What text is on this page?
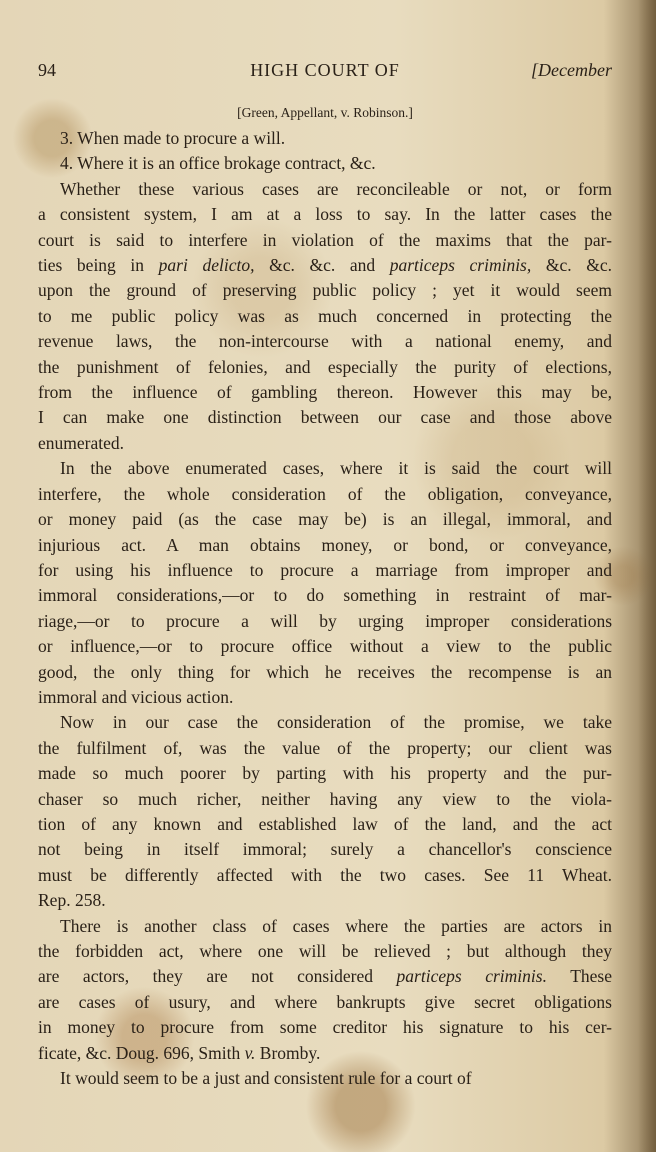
94	HIGH COURT OF	[December
[Green, Appellant, v. Robinson.]
3. When made to procure a will.
4. Where it is an office brokage contract, &c.
Whether these various cases are reconcileable or not, or form
a consistent system, I am at a loss to say. In the latter cases the
court is said to interfere in violation of the maxims that the par-
ties being in pari delicto, &c. &c. and particeps criminis, &c. &c.
upon the ground of preserving public policy ; yet it would seem
to me public policy was as much concerned in protecting the
revenue laws, the non-intercourse with a national enemy, and
the punishment of felonies, and especially the purity of elections,
from the influence of gambling thereon. However this may be,
I can make one distinction between our case and those above
enumerated.
In the above enumerated cases, where it is said the court will
interfere, the whole consideration of the obligation, conveyance,
or money paid (as the case may be) is an illegal, immoral, and
injurious act. A man obtains money, or bond, or conveyance,
for using his influence to procure a marriage from improper and
immoral considerations,—or to do something in restraint of mar-
riage,—or to procure a will by urging improper considerations
or influence,—or to procure office without a view to the public
good, the only thing for which he receives the recompense is an
immoral and vicious action.
Now in our case the consideration of the promise, we take
the fulfilment of, was the value of the property; our client was
made so much poorer by parting with his property and the pur-
chaser so much richer, neither having any view to the viola-
tion of any known and established law of the land, and the act
not being in itself immoral; surely a chancellor's conscience
must be differently affected with the two cases. See 11 Wheat.
Rep. 258.
There is another class of cases where the parties are actors in
the forbidden act, where one will be relieved ; but although they
are actors, they are not considered particeps criminis. These
are cases of usury, and where bankrupts give secret obligations
in money to procure from some creditor his signature to his cer-
ficate, &c. Doug. 696, Smith v. Bromby.
It would seem to be a just and consistent rule for a court of
